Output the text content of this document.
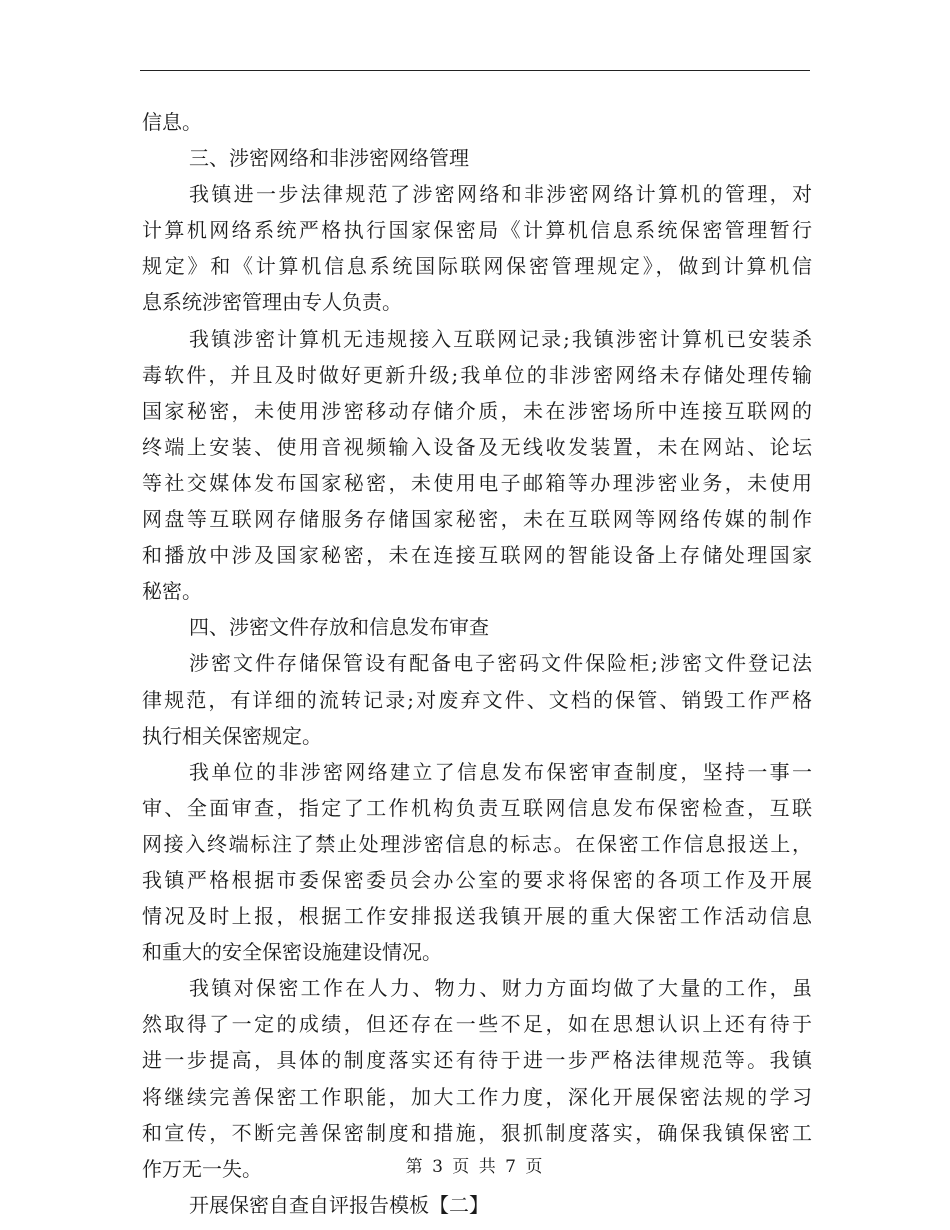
信息。
三、涉密网络和非涉密网络管理
我镇进一步法律规范了涉密网络和非涉密网络计算机的管理，对
计算机网络系统严格执行国家保密局《计算机信息系统保密管理暂行
规定》和《计算机信息系统国际联网保密管理规定》，做到计算机信
息系统涉密管理由专人负责。
我镇涉密计算机无违规接入互联网记录;我镇涉密计算机已安装杀
毒软件，并且及时做好更新升级;我单位的非涉密网络未存储处理传输
国家秘密，未使用涉密移动存储介质，未在涉密场所中连接互联网的
终端上安装、使用音视频输入设备及无线收发装置，未在网站、论坛
等社交媒体发布国家秘密，未使用电子邮箱等办理涉密业务，未使用
网盘等互联网存储服务存储国家秘密，未在互联网等网络传媒的制作
和播放中涉及国家秘密，未在连接互联网的智能设备上存储处理国家
秘密。
四、涉密文件存放和信息发布审查
涉密文件存储保管设有配备电子密码文件保险柜;涉密文件登记法
律规范，有详细的流转记录;对废弃文件、文档的保管、销毁工作严格
执行相关保密规定。
我单位的非涉密网络建立了信息发布保密审查制度，坚持一事一
审、全面审查，指定了工作机构负责互联网信息发布保密检查，互联
网接入终端标注了禁止处理涉密信息的标志。在保密工作信息报送上，
我镇严格根据市委保密委员会办公室的要求将保密的各项工作及开展
情况及时上报，根据工作安排报送我镇开展的重大保密工作活动信息
和重大的安全保密设施建设情况。
我镇对保密工作在人力、物力、财力方面均做了大量的工作，虽
然取得了一定的成绩，但还存在一些不足，如在思想认识上还有待于
进一步提高，具体的制度落实还有待于进一步严格法律规范等。我镇
将继续完善保密工作职能，加大工作力度，深化开展保密法规的学习
和宣传，不断完善保密制度和措施，狠抓制度落实，确保我镇保密工
作万无一失。
开展保密自查自评报告模板【二】
第 3 页 共 7 页
